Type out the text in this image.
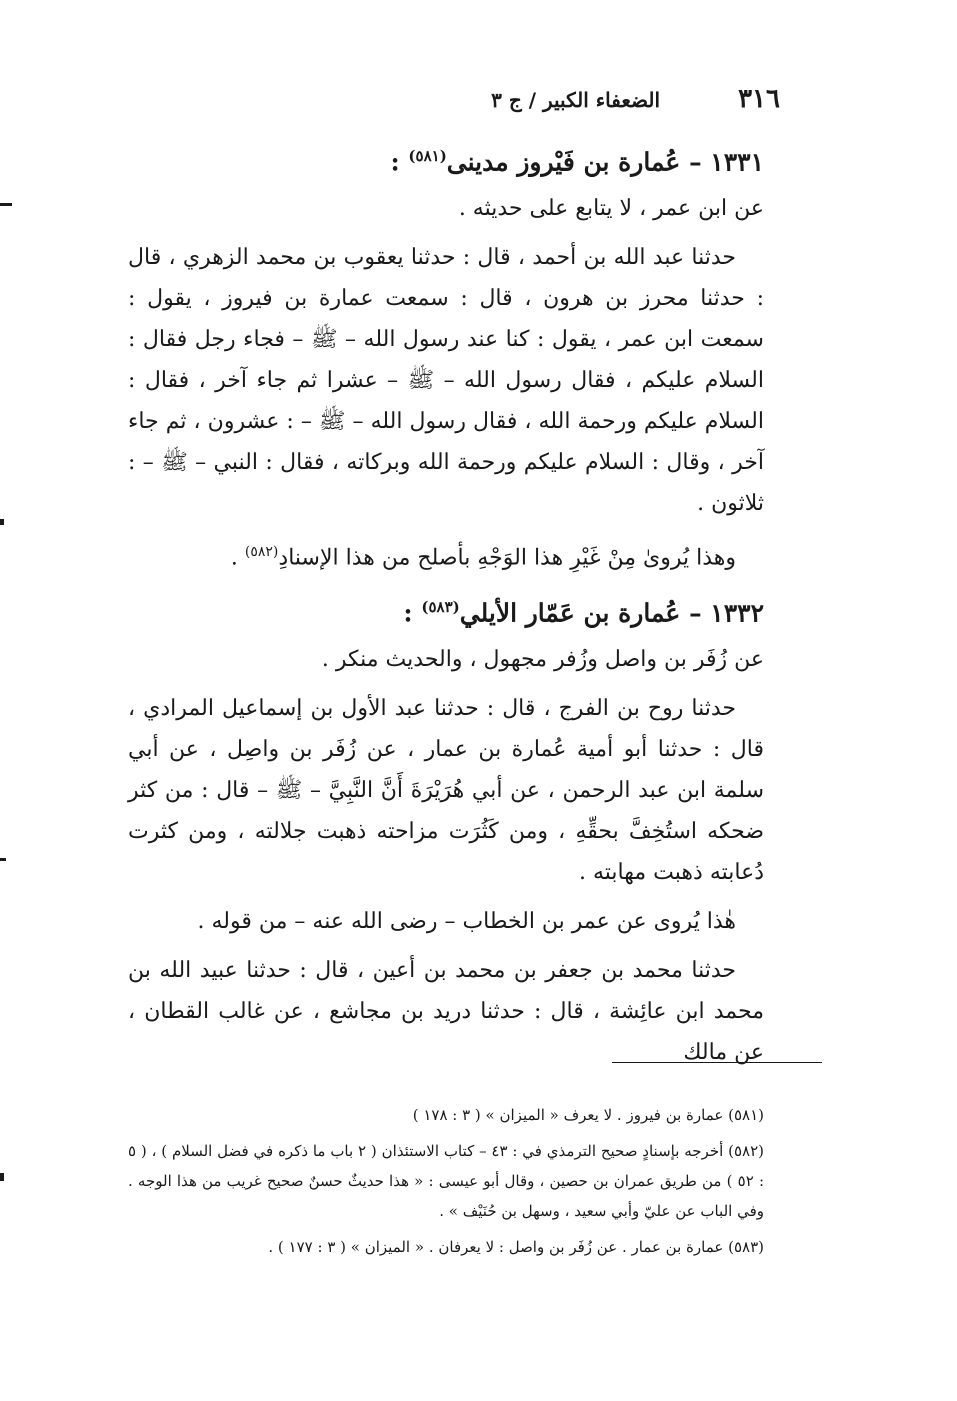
٣١٦
الضعفاء الكبير / ج ٣
١٣٣١ – عُمارة بن فَيْروز مدينى$^{(٥٨١)}$ :

عن ابن عمر ، لا يتابع على حديثه .

حدثنا عبد الله بن أحمد ، قال : حدثنا يعقوب بن محمد الزهري ، قال : حدثنا محرز بن هرون ، قال : سمعت عمارة بن فيروز ، يقول : سمعت ابن عمر ، يقول : كنا عند رسول الله – ﷺ – فجاء رجل فقال : السلام عليكم ، فقال رسول الله – ﷺ – عشرا ثم جاء آخر ، فقال : السلام عليكم ورحمة الله ، فقال رسول الله – ﷺ – : عشرون ، ثم جاء آخر ، وقال : السلام عليكم ورحمة الله وبركاته ، فقال : النبي – ﷺ – : ثلاثون .

وهذا يُروىٰ مِنْ غَيْرِ هذا الوَجْهِ بأصلح من هذا الإسنادِ$^{(٥٨٢)}$ .

١٣٣٢ – عُمارة بن عَمّار الأيلي$^{(٥٨٣)}$ :

عن زُفَر بن واصل وزُفر مجهول ، والحديث منكر .

حدثنا روح بن الفرج ، قال : حدثنا عبد الأول بن إسماعيل المرادي ، قال : حدثنا أبو أمية عُمارة بن عمار ، عن زُفَر بن واصِل ، عن أبي سلمة ابن عبد الرحمن ، عن أبي هُرَيْرَةَ أَنَّ النَّبِيَّ – ﷺ – قال : من كثر ضحكه استُخِفَّ بحقِّهِ ، ومن كَثُرَت مزاحته ذهبت جلالته ، ومن كثرت دُعابته ذهبت مهابته .

هٰذا يُروى عن عمر بن الخطاب – رضى الله عنه – من قوله .

حدثنا محمد بن جعفر بن محمد بن أعين ، قال : حدثنا عبيد الله بن محمد ابن عائِشة ، قال : حدثنا دريد بن مجاشع ، عن غالب القطان ، عن مالك

(٥٨١) عمارة بن فيروز . لا يعرف « الميزان » ( ٣ : ١٧٨ )

(٥٨٢) أخرجه بإسنادٍ صحيح الترمذي في : ٤٣ – كتاب الاستئذان ( ٢ باب ما ذكره في فضل السلام ) ، ( ٥ : ٥٢ ) من طريق عمران بن حصين ، وقال أبو عيسى : « هذا حديثٌ حسنٌ صحيح غريب من هذا الوجه . وفي الباب عن عليّ وأبي سعيد ، وسهل بن حُنَيْف » .

(٥٨٣) عمارة بن عمار . عن زُفَر بن واصل : لا يعرفان . « الميزان » ( ٣ : ١٧٧ ) .
